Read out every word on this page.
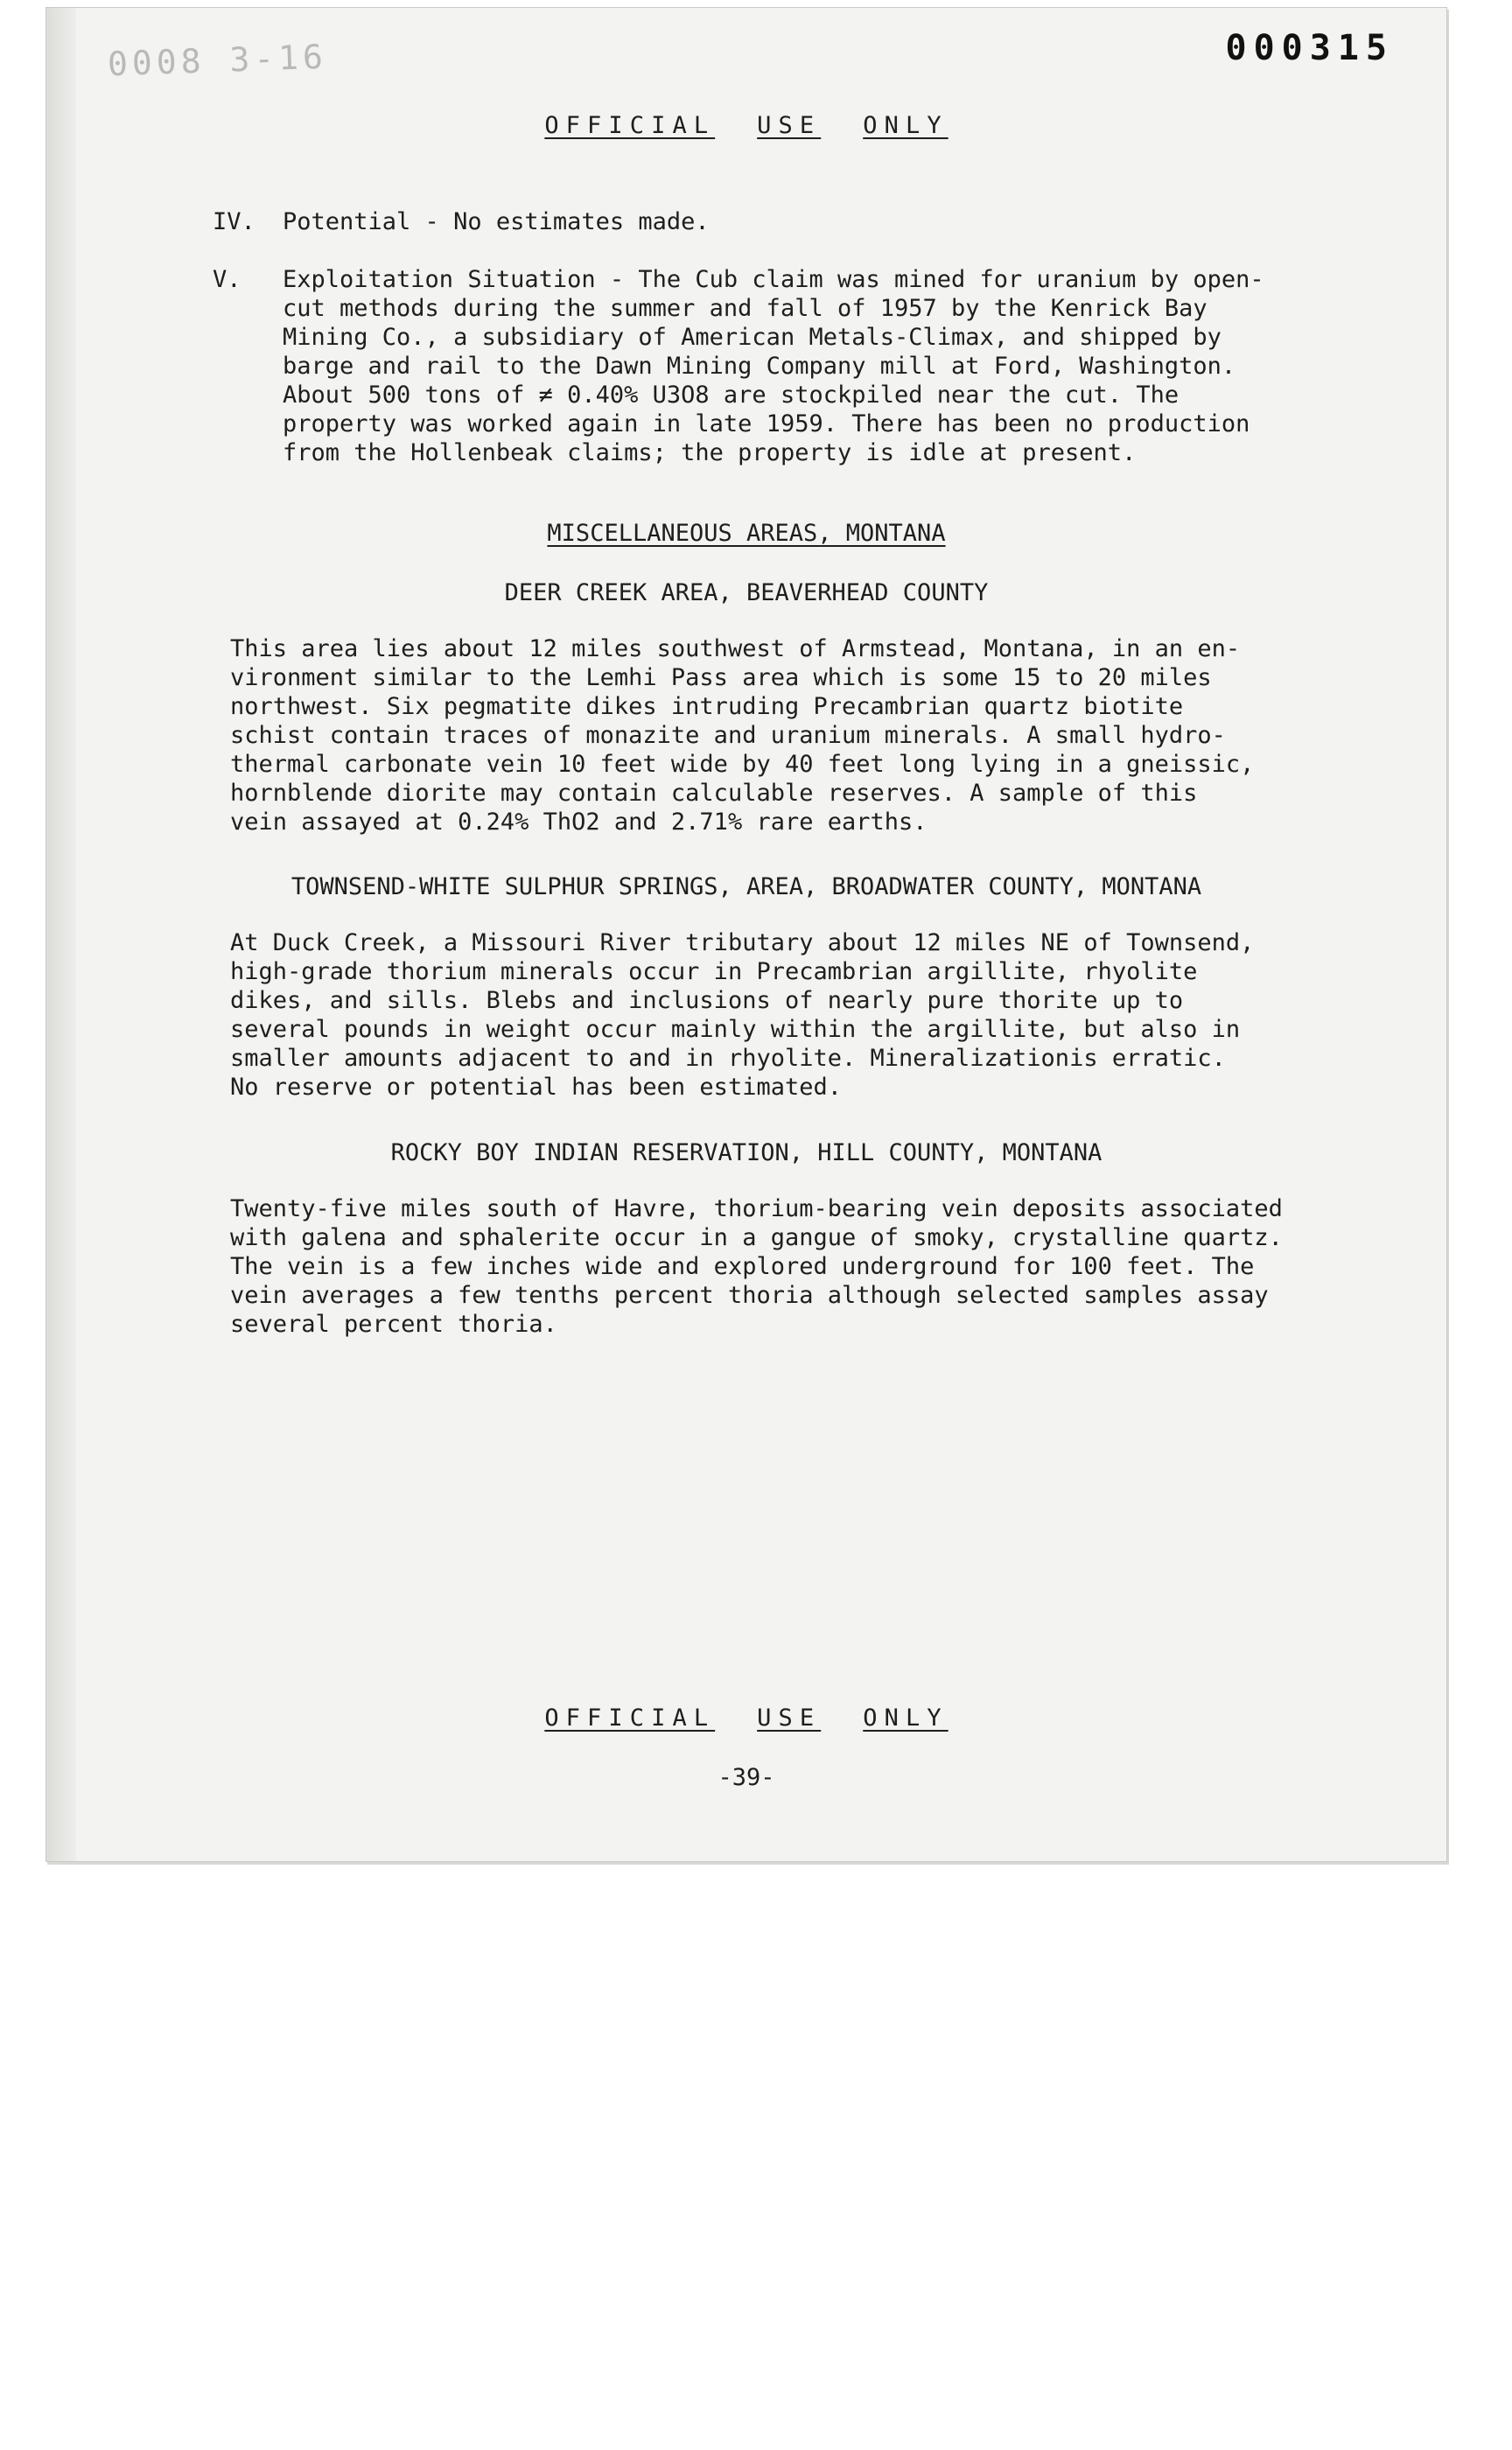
000315
0008 3-16
OFFICIAL USE ONLY
IV. Potential - No estimates made.
V. Exploitation Situation - The Cub claim was mined for uranium by open-
cut methods during the summer and fall of 1957 by the Kenrick Bay
Mining Co., a subsidiary of American Metals-Climax, and shipped by
barge and rail to the Dawn Mining Company mill at Ford, Washington.
About 500 tons of ≠ 0.40% U3O8 are stockpiled near the cut. The
property was worked again in late 1959. There has been no production
from the Hollenbeak claims; the property is idle at present.
MISCELLANEOUS AREAS, MONTANA
DEER CREEK AREA, BEAVERHEAD COUNTY
This area lies about 12 miles southwest of Armstead, Montana, in an en-
vironment similar to the Lemhi Pass area which is some 15 to 20 miles
northwest. Six pegmatite dikes intruding Precambrian quartz biotite
schist contain traces of monazite and uranium minerals. A small hydro-
thermal carbonate vein 10 feet wide by 40 feet long lying in a gneissic,
hornblende diorite may contain calculable reserves. A sample of this
vein assayed at 0.24% ThO2 and 2.71% rare earths.
TOWNSEND-WHITE SULPHUR SPRINGS, AREA, BROADWATER COUNTY, MONTANA
At Duck Creek, a Missouri River tributary about 12 miles NE of Townsend,
high-grade thorium minerals occur in Precambrian argillite, rhyolite
dikes, and sills. Blebs and inclusions of nearly pure thorite up to
several pounds in weight occur mainly within the argillite, but also in
smaller amounts adjacent to and in rhyolite. Mineralizationis erratic.
No reserve or potential has been estimated.
ROCKY BOY INDIAN RESERVATION, HILL COUNTY, MONTANA
Twenty-five miles south of Havre, thorium-bearing vein deposits associated
with galena and sphalerite occur in a gangue of smoky, crystalline quartz.
The vein is a few inches wide and explored underground for 100 feet. The
vein averages a few tenths percent thoria although selected samples assay
several percent thoria.
OFFICIAL USE ONLY
-39-
